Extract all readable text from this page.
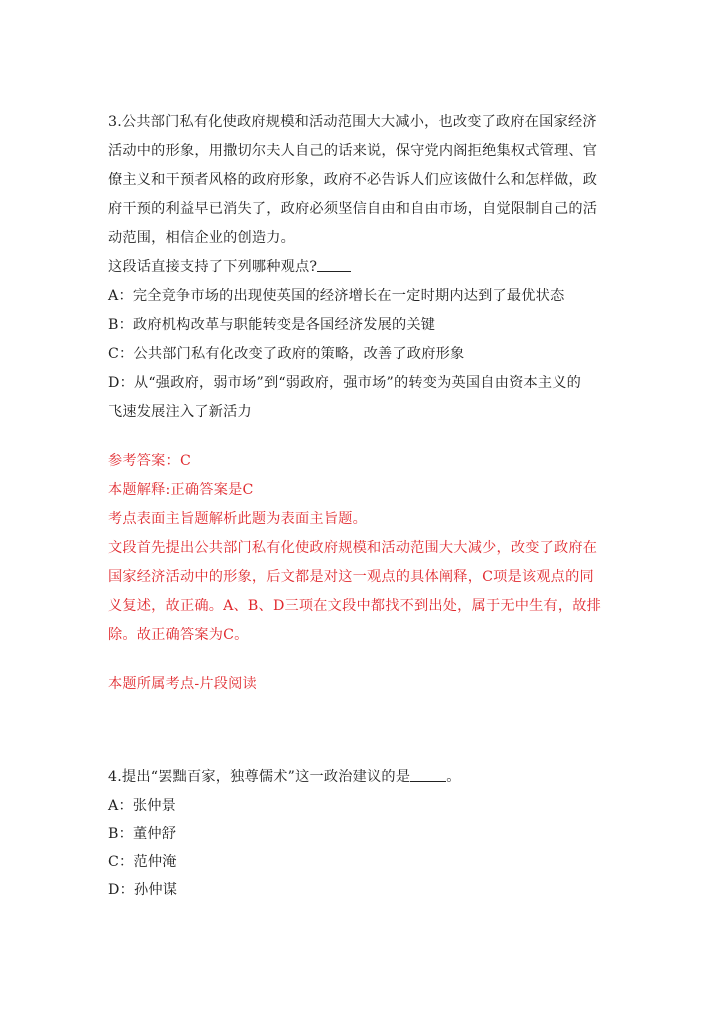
3.公共部门私有化使政府规模和活动范围大大减小，也改变了政府在国家经济
活动中的形象，用撒切尔夫人自己的话来说，保守党内阁拒绝集权式管理、官
僚主义和干预者风格的政府形象，政府不必告诉人们应该做什么和怎样做，政
府干预的利益早已消失了，政府必须坚信自由和自由市场，自觉限制自己的活
动范围，相信企业的创造力。
这段话直接支持了下列哪种观点?
A：完全竞争市场的出现使英国的经济增长在一定时期内达到了最优状态
B：政府机构改革与职能转变是各国经济发展的关键
C：公共部门私有化改变了政府的策略，改善了政府形象
D：从“强政府，弱市场”到“弱政府，强市场”的转变为英国自由资本主义的
飞速发展注入了新活力
参考答案：C
本题解释:正确答案是C
考点表面主旨题解析此题为表面主旨题。
文段首先提出公共部门私有化使政府规模和活动范围大大减少，改变了政府在
国家经济活动中的形象，后文都是对这一观点的具体阐释，C项是该观点的同
义复述，故正确。A、B、D三项在文段中都找不到出处，属于无中生有，故排
除。故正确答案为C。
本题所属考点-片段阅读
4.提出“罢黜百家，独尊儒术”这一政治建议的是	。
A：张仲景
B：董仲舒
C：范仲淹
D：孙仲谋
